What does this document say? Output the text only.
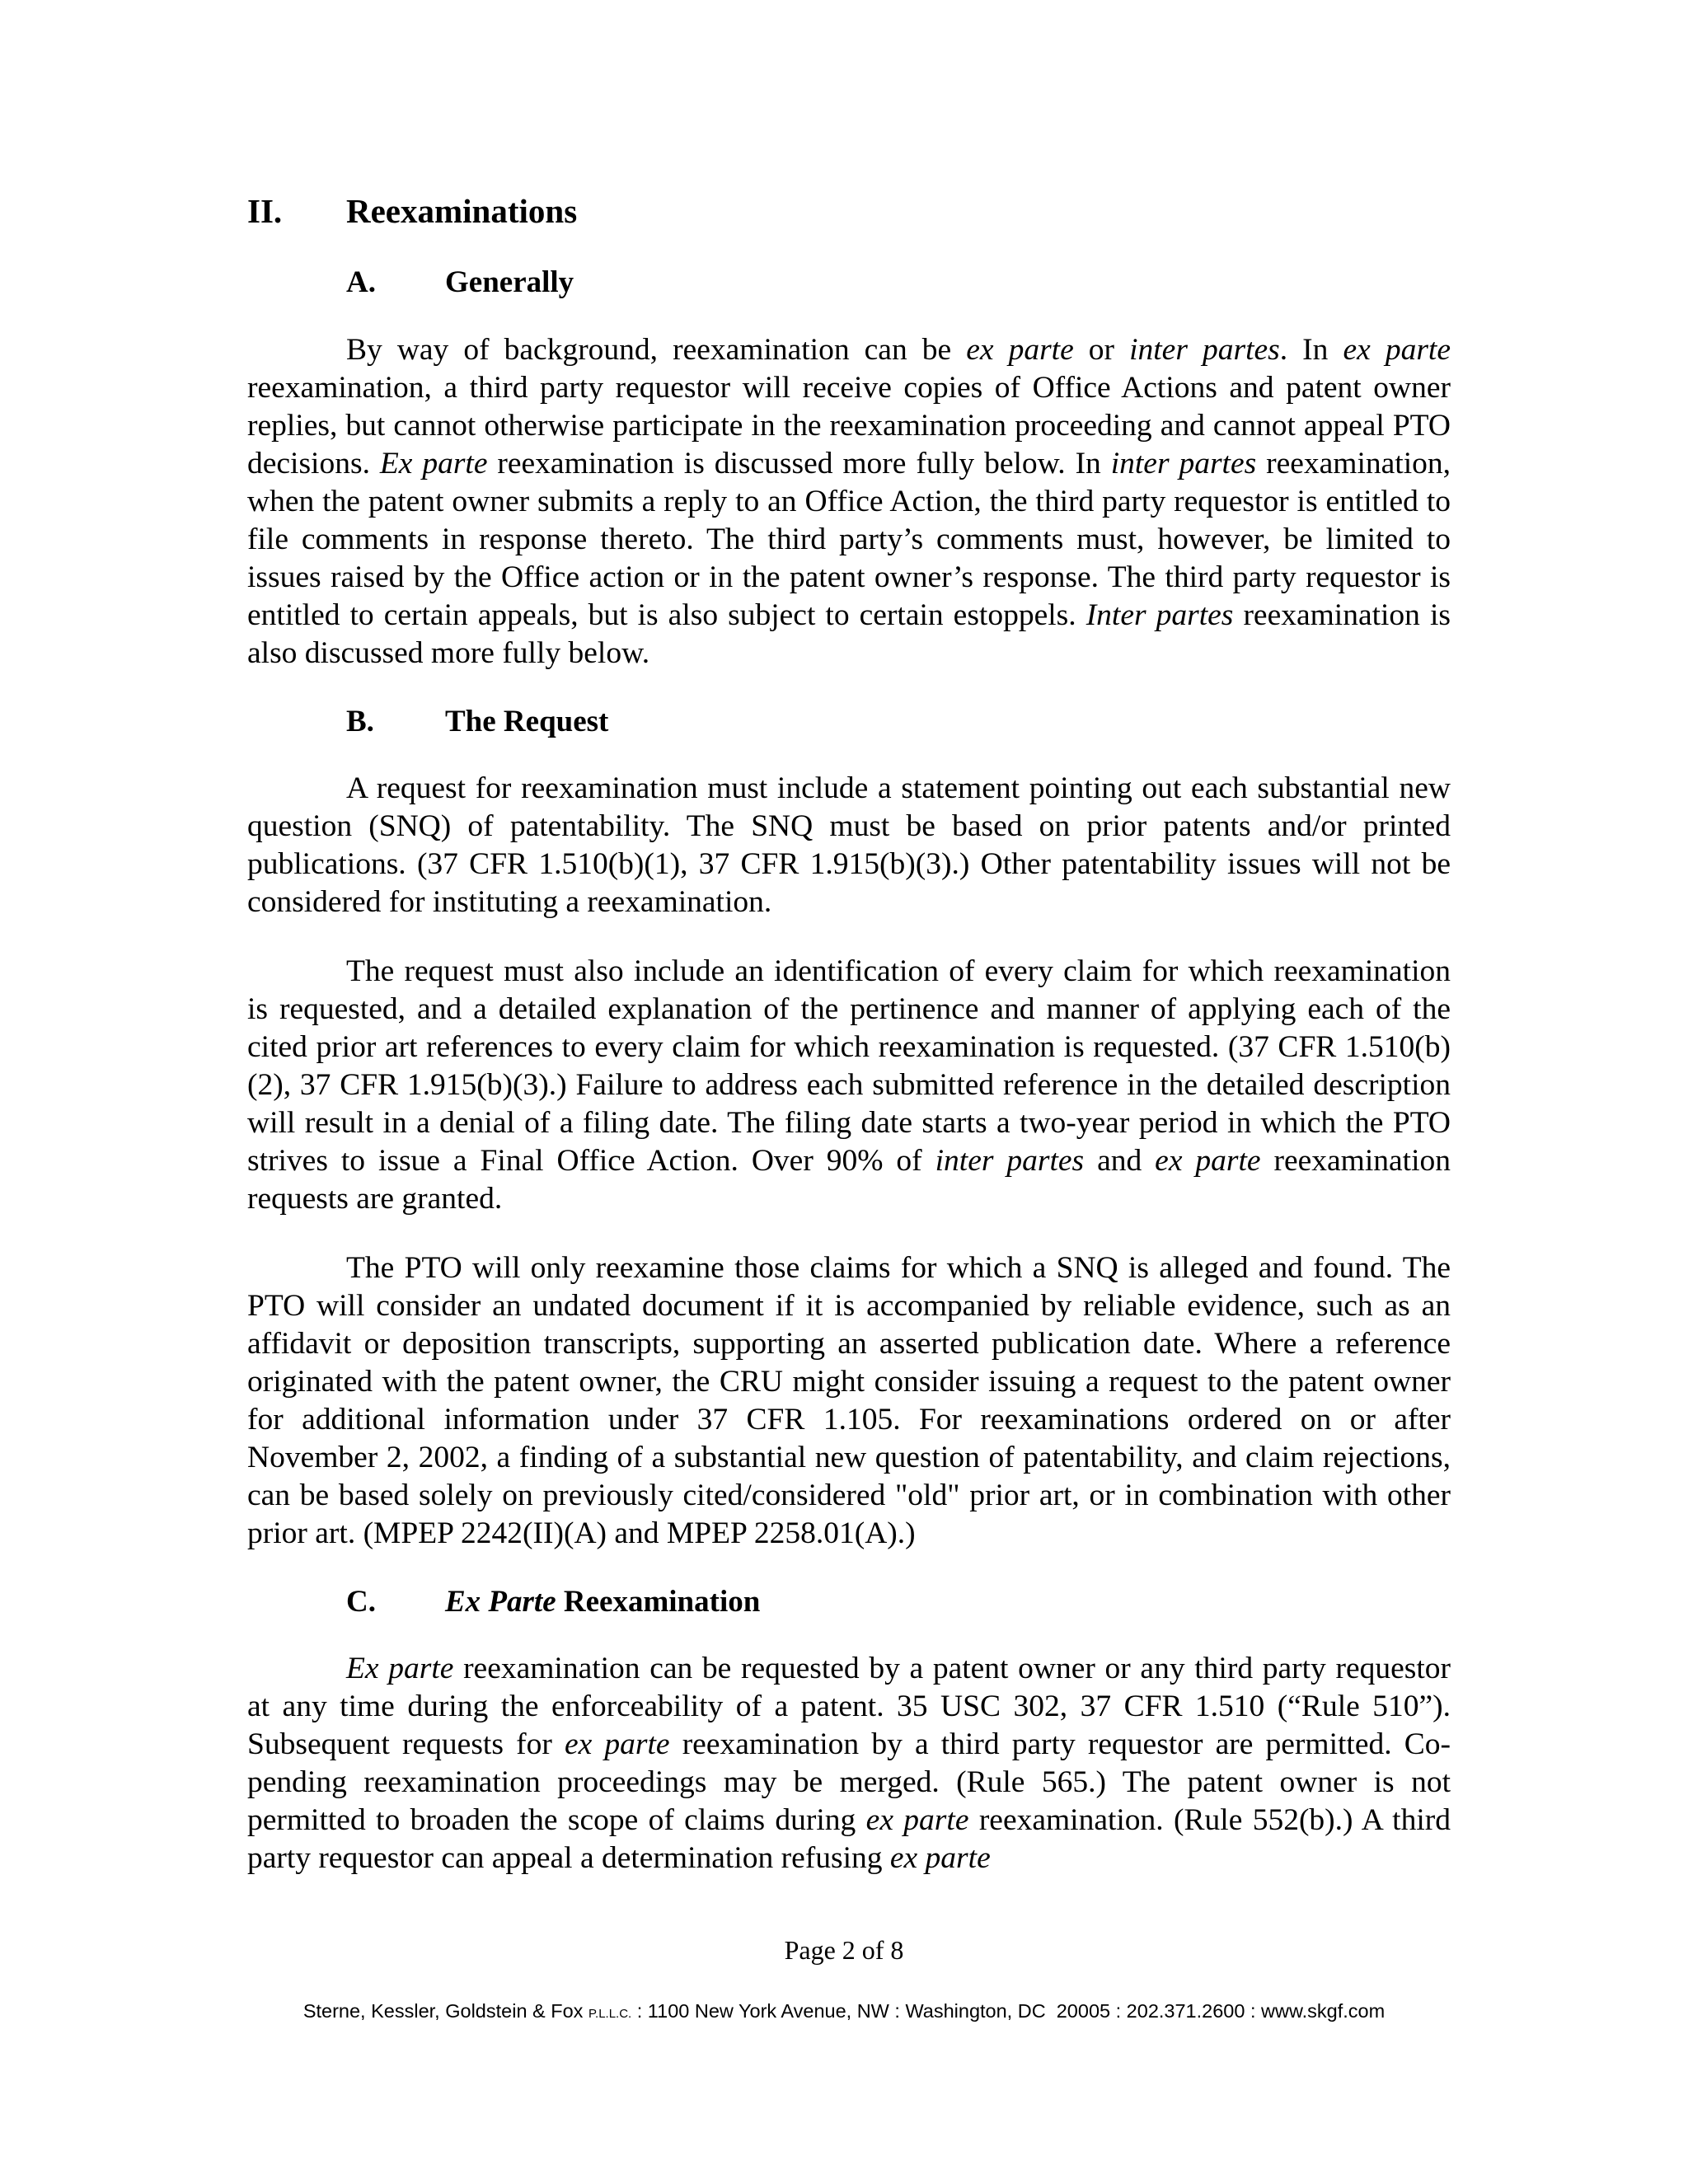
II.	Reexaminations
A.	Generally

By way of background, reexamination can be ex parte or inter partes. In ex parte reexamination, a third party requestor will receive copies of Office Actions and patent owner replies, but cannot otherwise participate in the reexamination proceeding and cannot appeal PTO decisions. Ex parte reexamination is discussed more fully below. In inter partes reexamination, when the patent owner submits a reply to an Office Action, the third party requestor is entitled to file comments in response thereto. The third party’s comments must, however, be limited to issues raised by the Office action or in the patent owner’s response. The third party requestor is entitled to certain appeals, but is also subject to certain estoppels. Inter partes reexamination is also discussed more fully below.

B.	The Request

A request for reexamination must include a statement pointing out each substantial new question (SNQ) of patentability. The SNQ must be based on prior patents and/or printed publications. (37 CFR 1.510(b)(1), 37 CFR 1.915(b)(3).) Other patentability issues will not be considered for instituting a reexamination.

The request must also include an identification of every claim for which reexamination is requested, and a detailed explanation of the pertinence and manner of applying each of the cited prior art references to every claim for which reexamination is requested. (37 CFR 1.510(b)(2), 37 CFR 1.915(b)(3).) Failure to address each submitted reference in the detailed description will result in a denial of a filing date. The filing date starts a two-year period in which the PTO strives to issue a Final Office Action. Over 90% of inter partes and ex parte reexamination requests are granted.

The PTO will only reexamine those claims for which a SNQ is alleged and found. The PTO will consider an undated document if it is accompanied by reliable evidence, such as an affidavit or deposition transcripts, supporting an asserted publication date. Where a reference originated with the patent owner, the CRU might consider issuing a request to the patent owner for additional information under 37 CFR 1.105. For reexaminations ordered on or after November 2, 2002, a finding of a substantial new question of patentability, and claim rejections, can be based solely on previously cited/considered "old" prior art, or in combination with other prior art. (MPEP 2242(II)(A) and MPEP 2258.01(A).)

C.	Ex Parte Reexamination

Ex parte reexamination can be requested by a patent owner or any third party requestor at any time during the enforceability of a patent. 35 USC 302, 37 CFR 1.510 (“Rule 510”). Subsequent requests for ex parte reexamination by a third party requestor are permitted. Co-pending reexamination proceedings may be merged. (Rule 565.) The patent owner is not permitted to broaden the scope of claims during ex parte reexamination. (Rule 552(b).) A third party requestor can appeal a determination refusing ex parte

Page 2 of 8
Sterne, Kessler, Goldstein & Fox P.L.L.C. : 1100 New York Avenue, NW : Washington, DC  20005 : 202.371.2600 : www.skgf.com
